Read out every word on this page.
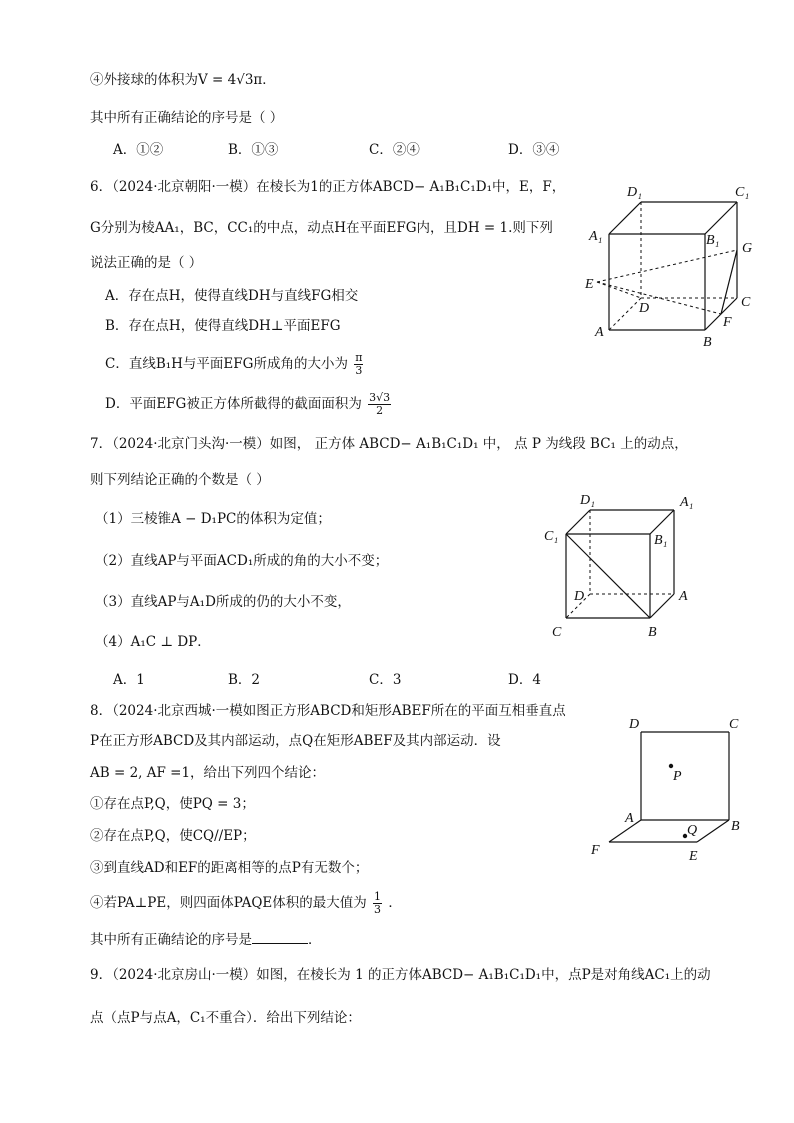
④外接球的体积为V = 4√3π．
其中所有正确结论的序号是（ ）
A．①②	B．①③	C．②④	D．③④
6．（2024·北京朝阳·一模）在棱长为1的正方体ABCD− A₁B₁C₁D₁中，E，F，
G分别为棱AA₁，BC，CC₁的中点，动点H在平面EFG内，且DH = 1.则下列
说法正确的是（ ）
A．存在点H，使得直线DH与直线FG相交
B．存在点H，使得直线DH⊥平面EFG
C．直线B₁H与平面EFG所成角的大小为 $\frac{\pi}{3}$
D．平面EFG被正方体所截得的截面面积为 $\frac{3√3}{2}$
D₁	C₁
A₁	B₁
G
E
D	C
F
A
B
7．（2024·北京门头沟·一模）如图， 正方体 ABCD− A₁B₁C₁D₁ 中， 点 P 为线段 BC₁ 上的动点，
则下列结论正确的个数是（ ）
（1）三棱锥A − D₁PC的体积为定值；
（2）直线AP与平面ACD₁所成的角的大小不变；
（3）直线AP与A₁D所成的仍的大小不变，
（4）A₁C ⊥ DP．
A．1	B．2	C．3	D．4
D₁	A₁
C₁	B₁
D	A
C	B
8．（2024·北京西城·一模如图正方形ABCD和矩形ABEF所在的平面互相垂直点
P在正方形ABCD及其内部运动，点Q在矩形ABEF及其内部运动．设
AB = 2, AF =1，给出下列四个结论：
①存在点P,Q，使PQ = 3；
②存在点P,Q，使CQ//EP；
③到直线AD和EF的距离相等的点P有无数个；
④若PA⊥PE，则四面体PAQE体积的最大值为 $\frac{1}{3}$ ．
其中所有正确结论的序号是	．
D	C
P
A
B
Q
F	E
9．（2024·北京房山·一模）如图，在棱长为 1 的正方体ABCD− A₁B₁C₁D₁中，点P是对角线AC₁上的动
点（点P与点A，C₁不重合）．给出下列结论：
